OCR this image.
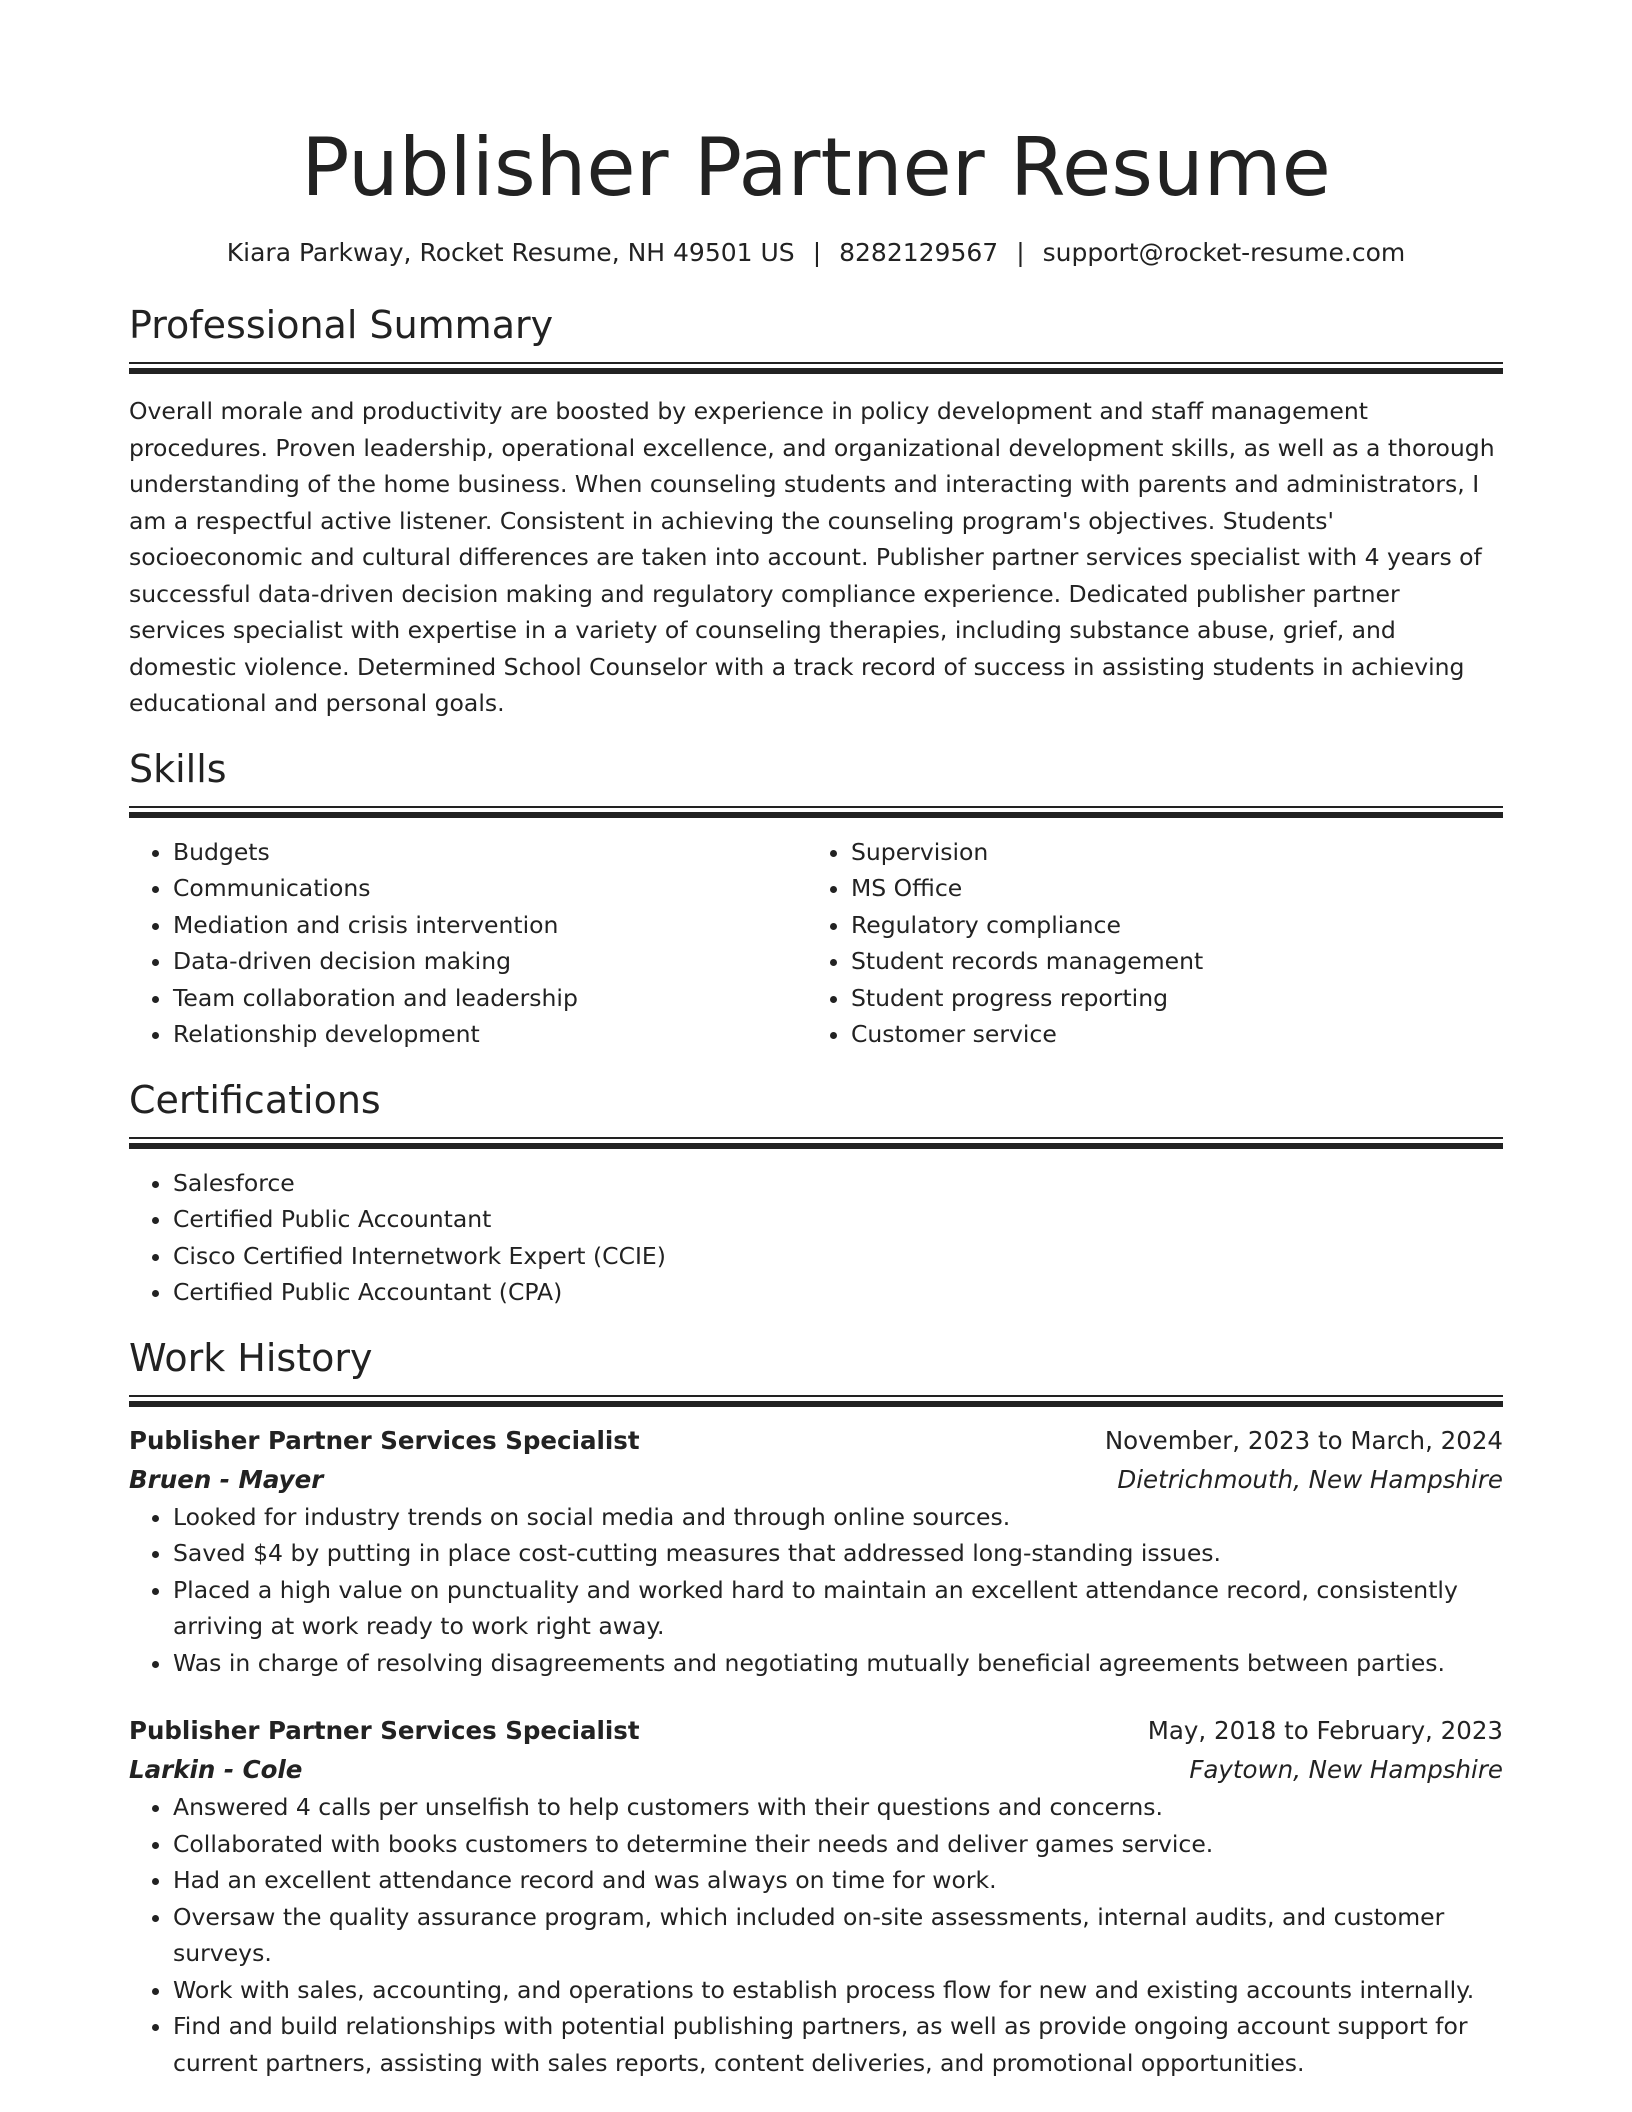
Publisher Partner Resume
Kiara Parkway, Rocket Resume, NH 49501 US | 8282129567 | support@rocket-resume.com
Professional Summary

Overall morale and productivity are boosted by experience in policy development and staff management procedures. Proven leadership, operational excellence, and organizational development skills, as well as a thorough understanding of the home business. When counseling students and interacting with parents and administrators, I am a respectful active listener. Consistent in achieving the counseling program's objectives. Students' socioeconomic and cultural differences are taken into account. Publisher partner services specialist with 4 years of successful data-driven decision making and regulatory compliance experience. Dedicated publisher partner services specialist with expertise in a variety of counseling therapies, including substance abuse, grief, and domestic violence. Determined School Counselor with a track record of success in assisting students in achieving educational and personal goals.

Skills
• Budgets
• Communications
• Mediation and crisis intervention
• Data-driven decision making
• Team collaboration and leadership
• Relationship development
• Supervision
• MS Office
• Regulatory compliance
• Student records management
• Student progress reporting
• Customer service
Certifications
• Salesforce
• Certified Public Accountant
• Cisco Certified Internetwork Expert (CCIE)
• Certified Public Accountant (CPA)
Work History
Publisher Partner Services Specialist	November, 2023 to March, 2024
Bruen - Mayer	Dietrichmouth, New Hampshire
• Looked for industry trends on social media and through online sources.
• Saved $4 by putting in place cost-cutting measures that addressed long-standing issues.
• Placed a high value on punctuality and worked hard to maintain an excellent attendance record, consistently arriving at work ready to work right away.
• Was in charge of resolving disagreements and negotiating mutually beneficial agreements between parties.
Publisher Partner Services Specialist	May, 2018 to February, 2023
Larkin - Cole	Faytown, New Hampshire
• Answered 4 calls per unselfish to help customers with their questions and concerns.
• Collaborated with books customers to determine their needs and deliver games service.
• Had an excellent attendance record and was always on time for work.
• Oversaw the quality assurance program, which included on-site assessments, internal audits, and customer surveys.
• Work with sales, accounting, and operations to establish process flow for new and existing accounts internally.
• Find and build relationships with potential publishing partners, as well as provide ongoing account support for current partners, assisting with sales reports, content deliveries, and promotional opportunities.
